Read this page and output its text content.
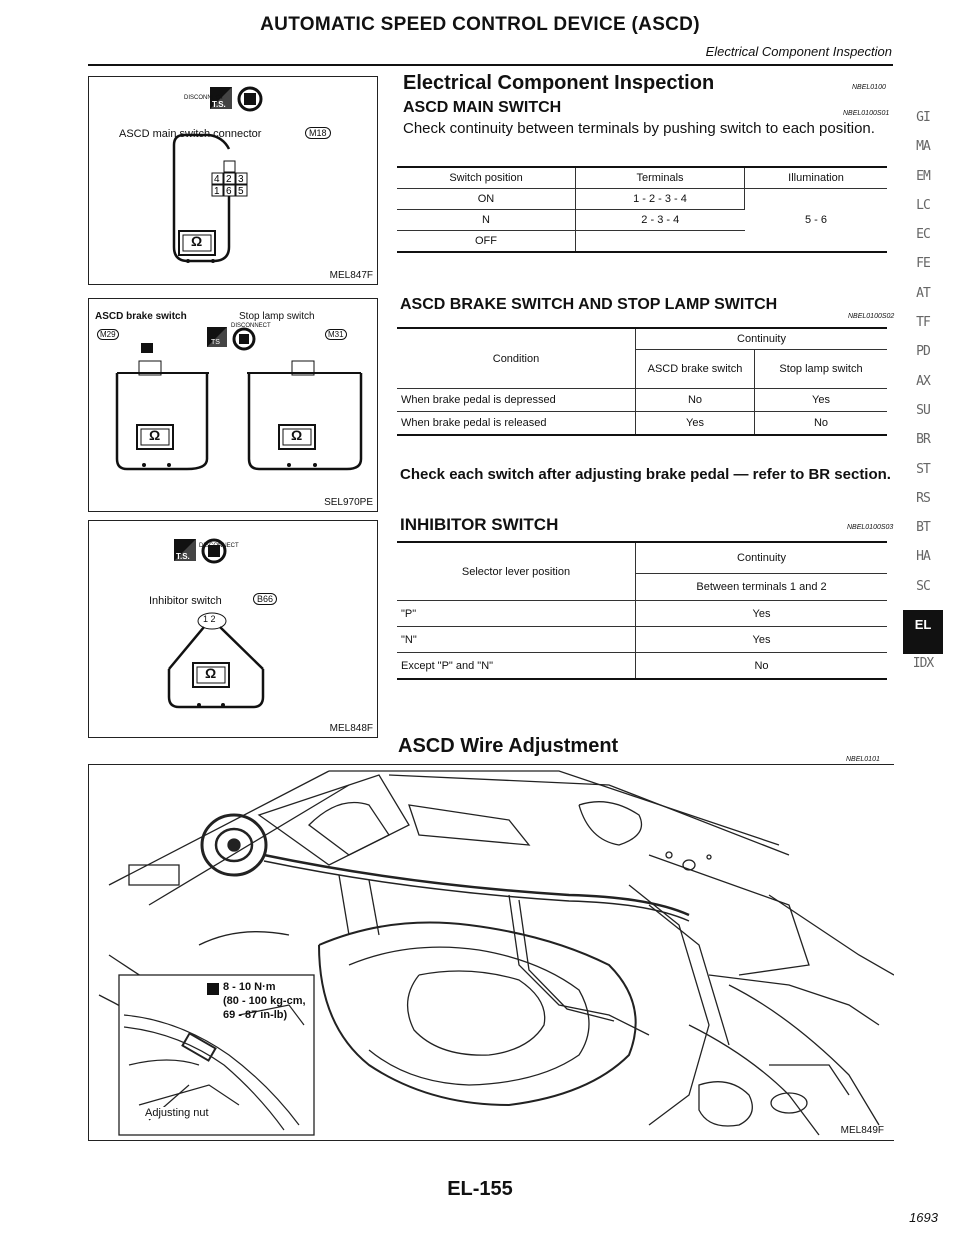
AUTOMATIC SPEED CONTROL DEVICE (ASCD)
Electrical Component Inspection
4 2 3
1 6 5
DISCONNECT
T.S.
ASCD main switch connector	M18
Ω
MEL847F
ASCD brake switch	Stop lamp switch
M29	M31
DISCONNECT
TS
Ω	Ω
SEL970PE
DISCONNECT
T.S.
Inhibitor switch	B66
1 2
Ω
MEL848F
Electrical Component Inspection	NBEL0100
ASCD MAIN SWITCH	NBEL0100S01
Check continuity between terminals by pushing switch to each position.
Switch position	Terminals	Illumination
ON	1 - 2 - 3 - 4	5 - 6
N	2 - 3 - 4	
OFF		
ASCD BRAKE SWITCH AND STOP LAMP SWITCH
NBEL0100S02
Condition	Continuity	
	ASCD brake switch	Stop lamp switch
When brake pedal is depressed	No	Yes
When brake pedal is released	Yes	No
Check each switch after adjusting brake pedal — refer to BR section.
INHIBITOR SWITCH	NBEL0100S03
Selector lever position	Continuity
	Between terminals 1 and 2
"P"	Yes
"N"	Yes
Except "P" and "N"	No
ASCD Wire Adjustment
NBEL0101
8 - 10 N·m
(80 - 100 kg-cm,
69 - 87 in-lb)
Adjusting nut
MEL849F
GI
MA
EM
LC
EC
FE
AT
TF
PD
AX
SU
BR
ST
RS
BT
HA
SC
EL
IDX
EL-155
1693
